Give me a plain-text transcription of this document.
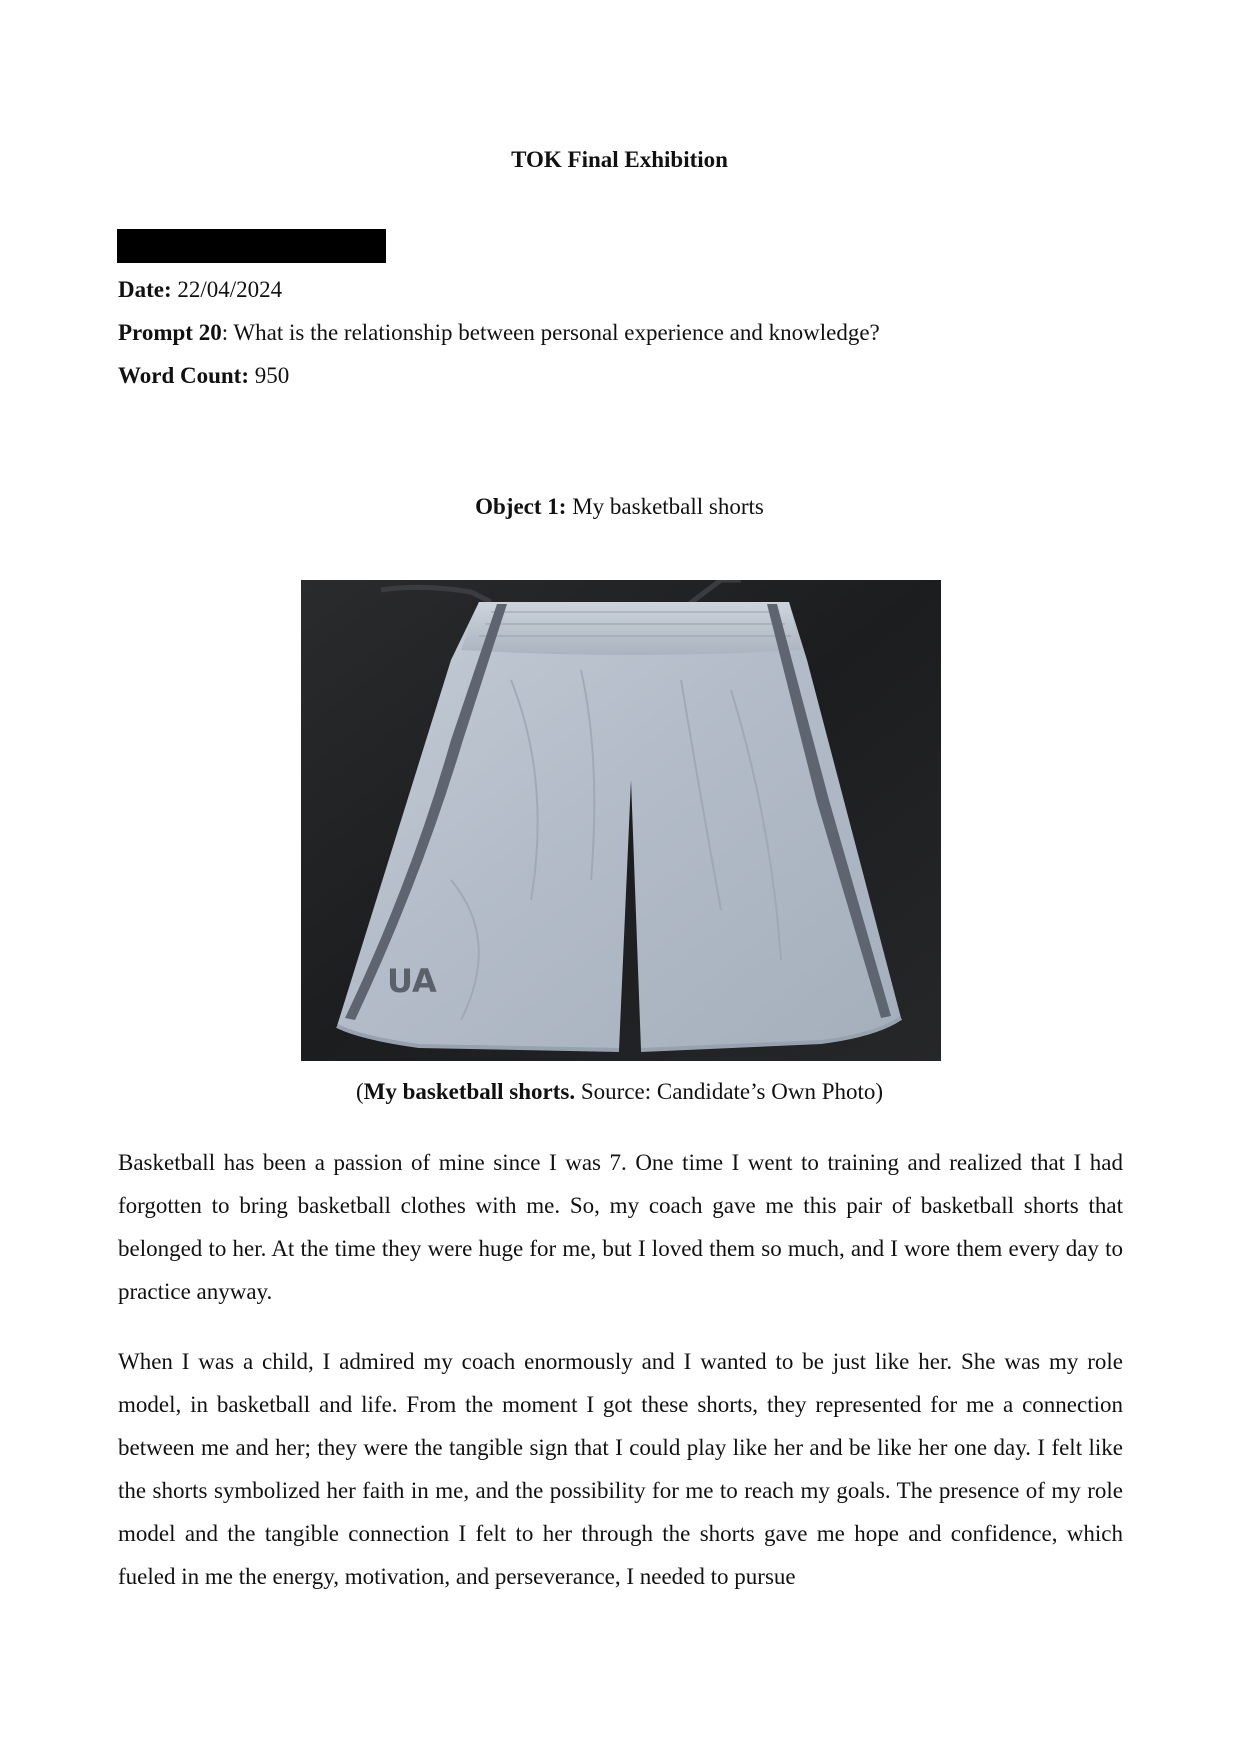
TOK Final Exhibition
Date: 22/04/2024
Prompt 20: What is the relationship between personal experience and knowledge?
Word Count: 950
Object 1: My basketball shorts
UA
(My basketball shorts. Source: Candidate’s Own Photo)

Basketball has been a passion of mine since I was 7. One time I went to training and realized that I had forgotten to bring basketball clothes with me. So, my coach gave me this pair of basketball shorts that belonged to her. At the time they were huge for me, but I loved them so much, and I wore them every day to practice anyway.

When I was a child, I admired my coach enormously and I wanted to be just like her. She was my role model, in basketball and life. From the moment I got these shorts, they represented for me a connection between me and her; they were the tangible sign that I could play like her and be like her one day. I felt like the shorts symbolized her faith in me, and the possibility for me to reach my goals. The presence of my role model and the tangible connection I felt to her through the shorts gave me hope and confidence, which fueled in me the energy, motivation, and perseverance, I needed to pursue
